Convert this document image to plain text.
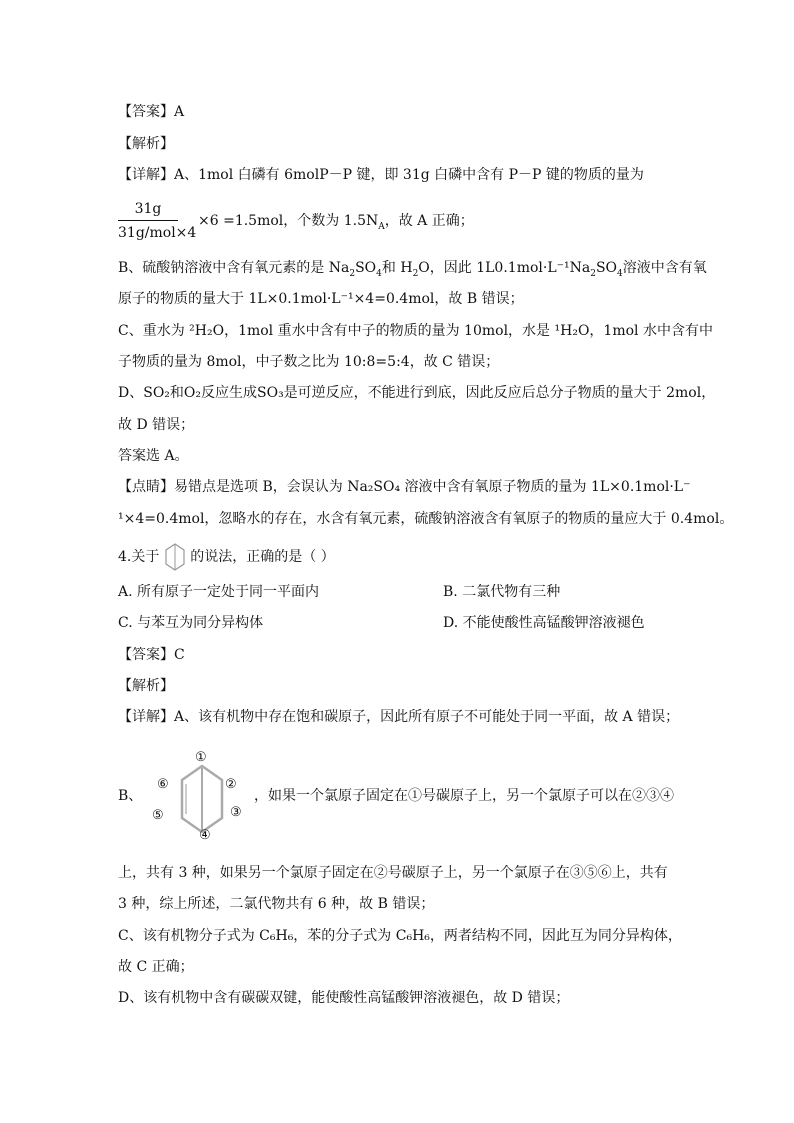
【答案】A
【解析】
【详解】A、1mol 白磷有 6molP－P 键，即 31g 白磷中含有 P－P 键的物质的量为
31g
31g/mol×4
×6 =1.5mol，个数为 $1.5N_A$，故 A 正确；
B、硫酸钠溶液中含有氧元素的是 $Na_2SO_4$和 $H_2O$，因此 $1L0.1mol\cdot L^{-1}Na_2SO_4$溶液中含有氧
原子的物质的量大于 1L×0.1mol·L⁻¹×4=0.4mol，故 B 错误；
C、重水为 ²H₂O，1mol 重水中含有中子的物质的量为 10mol，水是 ¹H₂O，1mol 水中含有中
子物质的量为 8mol，中子数之比为 10:8=5:4，故 C 错误；
D、SO₂和O₂反应生成SO₃是可逆反应，不能进行到底，因此反应后总分子物质的量大于 2mol，
故 D 错误；
答案选 A。
【点睛】易错点是选项 B，会误认为 Na₂SO₄ 溶液中含有氧原子物质的量为 1L×0.1mol·L⁻
¹×4=0.4mol，忽略水的存在，水含有氧元素，硫酸钠溶液含有氧原子的物质的量应大于 0.4mol。
4.关于 的说法，正确的是（ ）
A. 所有原子一定处于同一平面内	B. 二氯代物有三种
C. 与苯互为同分异构体	D. 不能使酸性高锰酸钾溶液褪色
【答案】C
【解析】
【详解】A、该有机物中存在饱和碳原子，因此所有原子不可能处于同一平面，故 A 错误；
B、
①
②
③
④
⑤
⑥
，如果一个氯原子固定在①号碳原子上，另一个氯原子可以在②③④
上，共有 3 种，如果另一个氯原子固定在②号碳原子上，另一个氯原子在③⑤⑥上，共有
3 种，综上所述，二氯代物共有 6 种，故 B 错误；
C、该有机物分子式为 C₆H₆，苯的分子式为 C₆H₆，两者结构不同，因此互为同分异构体，
故 C 正确；
D、该有机物中含有碳碳双键，能使酸性高锰酸钾溶液褪色，故 D 错误；
